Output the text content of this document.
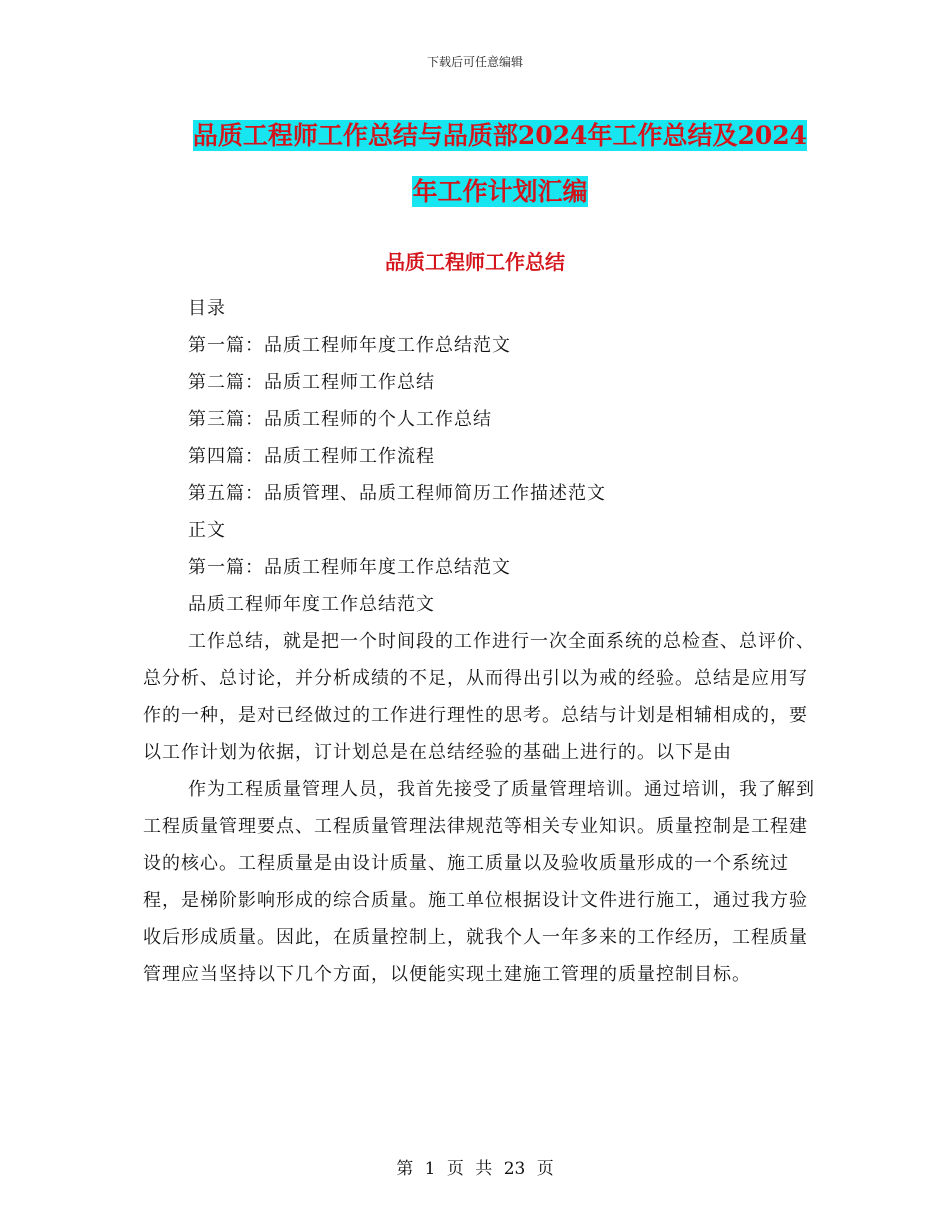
下载后可任意编辑
品质工程师工作总结与品质部2024年工作总结及2024
年工作计划汇编
品质工程师工作总结

目录

第一篇：品质工程师年度工作总结范文

第二篇：品质工程师工作总结

第三篇：品质工程师的个人工作总结

第四篇：品质工程师工作流程

第五篇：品质管理、品质工程师简历工作描述范文

正文

第一篇：品质工程师年度工作总结范文

品质工程师年度工作总结范文

工作总结，就是把一个时间段的工作进行一次全面系统的总检查、总评价、总分析、总讨论，并分析成绩的不足，从而得出引以为戒的经验。总结是应用写作的一种，是对已经做过的工作进行理性的思考。总结与计划是相辅相成的，要以工作计划为依据，订计划总是在总结经验的基础上进行的。以下是由

作为工程质量管理人员，我首先接受了质量管理培训。通过培训，我了解到工程质量管理要点、工程质量管理法律规范等相关专业知识。质量控制是工程建设的核心。工程质量是由设计质量、施工质量以及验收质量形成的一个系统过程，是梯阶影响形成的综合质量。施工单位根据设计文件进行施工，通过我方验收后形成质量。因此，在质量控制上，就我个人一年多来的工作经历，工程质量管理应当坚持以下几个方面，以便能实现土建施工管理的质量控制目标。

第 1 页 共 23 页
